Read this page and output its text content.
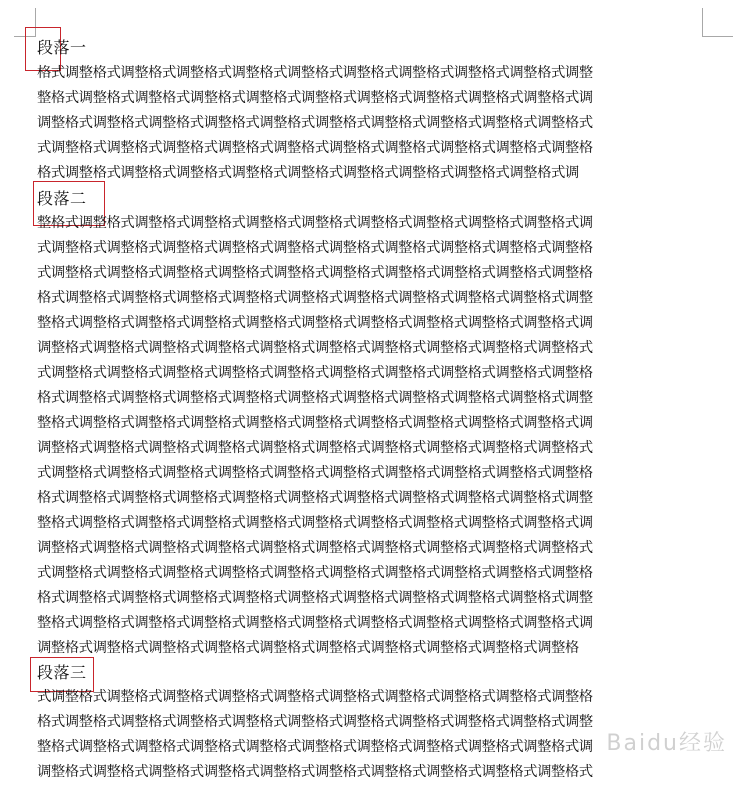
段落一
格式调整格式调整格式调整格式调整格式调整格式调整格式调整格式调整格式调整格式调整
整格式调整格式调整格式调整格式调整格式调整格式调整格式调整格式调整格式调整格式调
调整格式调整格式调整格式调整格式调整格式调整格式调整格式调整格式调整格式调整格式
式调整格式调整格式调整格式调整格式调整格式调整格式调整格式调整格式调整格式调整格
格式调整格式调整格式调整格式调整格式调整格式调整格式调整格式调整格式调整格式调
段落二
整格式调整格式调整格式调整格式调整格式调整格式调整格式调整格式调整格式调整格式调
式调整格式调整格式调整格式调整格式调整格式调整格式调整格式调整格式调整格式调整格
式调整格式调整格式调整格式调整格式调整格式调整格式调整格式调整格式调整格式调整格
格式调整格式调整格式调整格式调整格式调整格式调整格式调整格式调整格式调整格式调整
整格式调整格式调整格式调整格式调整格式调整格式调整格式调整格式调整格式调整格式调
调整格式调整格式调整格式调整格式调整格式调整格式调整格式调整格式调整格式调整格式
式调整格式调整格式调整格式调整格式调整格式调整格式调整格式调整格式调整格式调整格
格式调整格式调整格式调整格式调整格式调整格式调整格式调整格式调整格式调整格式调整
整格式调整格式调整格式调整格式调整格式调整格式调整格式调整格式调整格式调整格式调
调整格式调整格式调整格式调整格式调整格式调整格式调整格式调整格式调整格式调整格式
式调整格式调整格式调整格式调整格式调整格式调整格式调整格式调整格式调整格式调整格
格式调整格式调整格式调整格式调整格式调整格式调整格式调整格式调整格式调整格式调整
整格式调整格式调整格式调整格式调整格式调整格式调整格式调整格式调整格式调整格式调
调整格式调整格式调整格式调整格式调整格式调整格式调整格式调整格式调整格式调整格式
式调整格式调整格式调整格式调整格式调整格式调整格式调整格式调整格式调整格式调整格
格式调整格式调整格式调整格式调整格式调整格式调整格式调整格式调整格式调整格式调整
整格式调整格式调整格式调整格式调整格式调整格式调整格式调整格式调整格式调整格式调
调整格式调整格式调整格式调整格式调整格式调整格式调整格式调整格式调整格式调整格
段落三
式调整格式调整格式调整格式调整格式调整格式调整格式调整格式调整格式调整格式调整格
格式调整格式调整格式调整格式调整格式调整格式调整格式调整格式调整格式调整格式调整
整格式调整格式调整格式调整格式调整格式调整格式调整格式调整格式调整格式调整格式调
调整格式调整格式调整格式调整格式调整格式调整格式调整格式调整格式调整格式调整格式
Baidu经验
